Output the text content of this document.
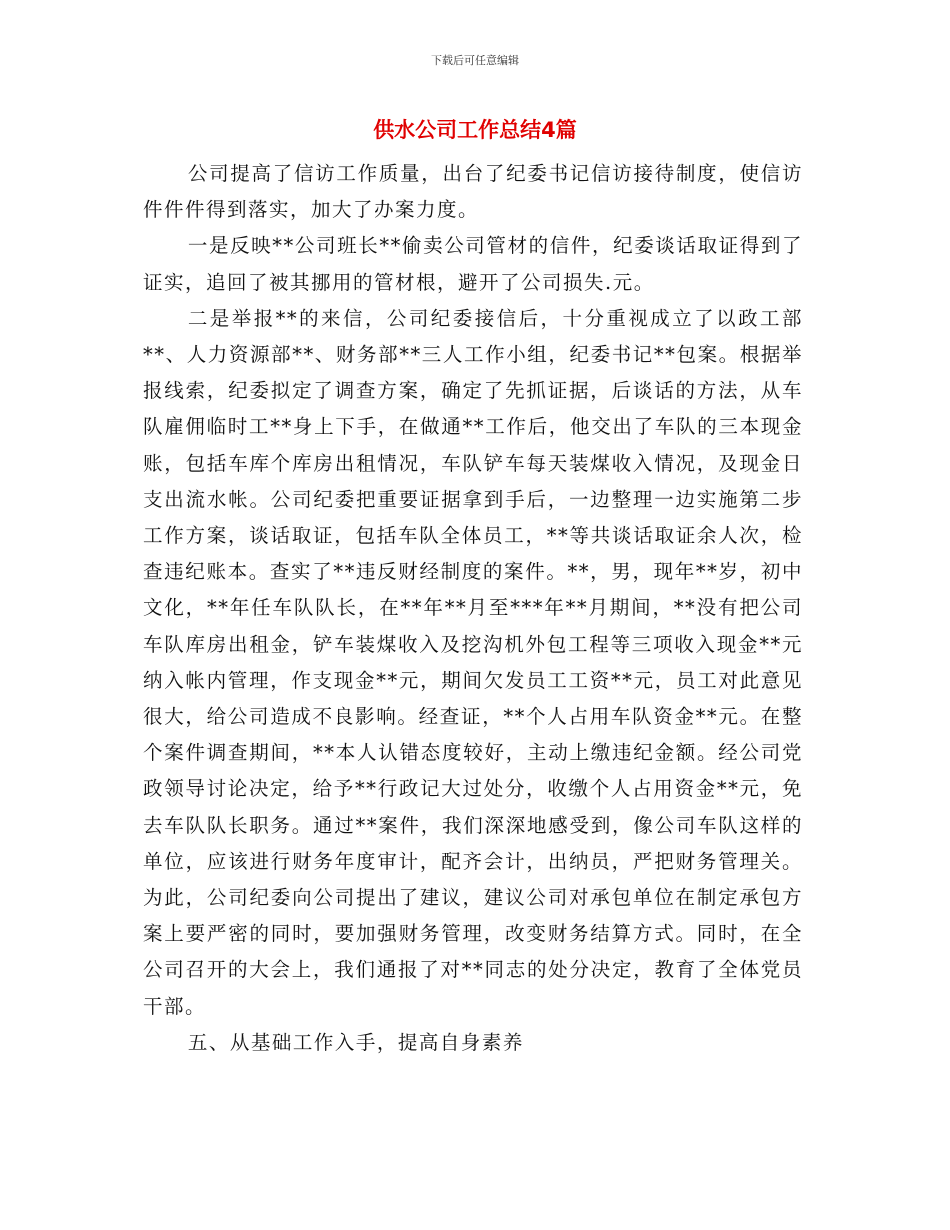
下载后可任意编辑
供水公司工作总结4篇

公司提高了信访工作质量，出台了纪委书记信访接待制度，使信访件件件得到落实，加大了办案力度。

一是反映**公司班长**偷卖公司管材的信件，纪委谈话取证得到了证实，追回了被其挪用的管材根，避开了公司损失.元。

二是举报**的来信，公司纪委接信后，十分重视成立了以政工部**、人力资源部**、财务部**三人工作小组，纪委书记**包案。根据举报线索，纪委拟定了调查方案，确定了先抓证据，后谈话的方法，从车队雇佣临时工**身上下手，在做通**工作后，他交出了车队的三本现金账，包括车库个库房出租情况，车队铲车每天装煤收入情况，及现金日支出流水帐。公司纪委把重要证据拿到手后，一边整理一边实施第二步工作方案，谈话取证，包括车队全体员工，**等共谈话取证余人次，检查违纪账本。查实了**违反财经制度的案件。**，男，现年**岁，初中文化，**年任车队队长，在**年**月至***年**月期间，**没有把公司车队库房出租金，铲车装煤收入及挖沟机外包工程等三项收入现金**元纳入帐内管理，作支现金**元，期间欠发员工工资**元，员工对此意见很大，给公司造成不良影响。经查证，**个人占用车队资金**元。在整个案件调查期间，**本人认错态度较好，主动上缴违纪金额。经公司党政领导讨论决定，给予**行政记大过处分，收缴个人占用资金**元，免去车队队长职务。通过**案件，我们深深地感受到，像公司车队这样的单位，应该进行财务年度审计，配齐会计，出纳员，严把财务管理关。为此，公司纪委向公司提出了建议，建议公司对承包单位在制定承包方案上要严密的同时，要加强财务管理，改变财务结算方式。同时，在全公司召开的大会上，我们通报了对**同志的处分决定，教育了全体党员干部。

五、从基础工作入手，提高自身素养
